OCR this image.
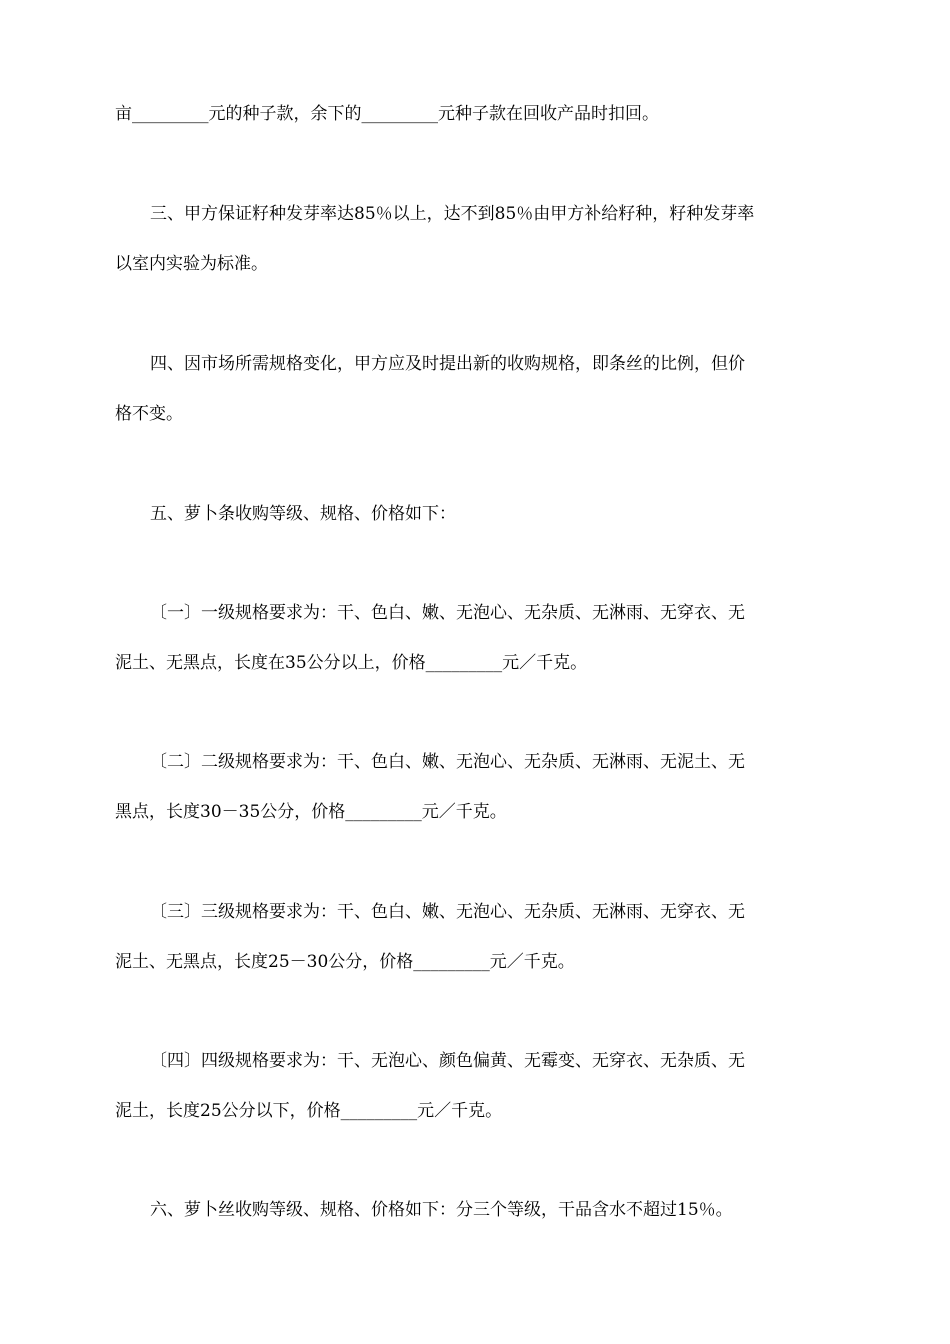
亩_________元的种子款，余下的_________元种子款在回收产品时扣回。
三、甲方保证籽种发芽率达85％以上，达不到85％由甲方补给籽种，籽种发芽率
以室内实验为标准。
四、因市场所需规格变化，甲方应及时提出新的收购规格，即条丝的比例，但价
格不变。
五、萝卜条收购等级、规格、价格如下：
〔一〕一级规格要求为：干、色白、嫩、无泡心、无杂质、无淋雨、无穿衣、无
泥土、无黑点，长度在35公分以上，价格_________元／千克。
〔二〕二级规格要求为：干、色白、嫩、无泡心、无杂质、无淋雨、无泥土、无
黑点，长度30－35公分，价格_________元／千克。
〔三〕三级规格要求为：干、色白、嫩、无泡心、无杂质、无淋雨、无穿衣、无
泥土、无黑点，长度25－30公分，价格_________元／千克。
〔四〕四级规格要求为：干、无泡心、颜色偏黄、无霉变、无穿衣、无杂质、无
泥土，长度25公分以下，价格_________元／千克。
六、萝卜丝收购等级、规格、价格如下：分三个等级，干品含水不超过15％。
